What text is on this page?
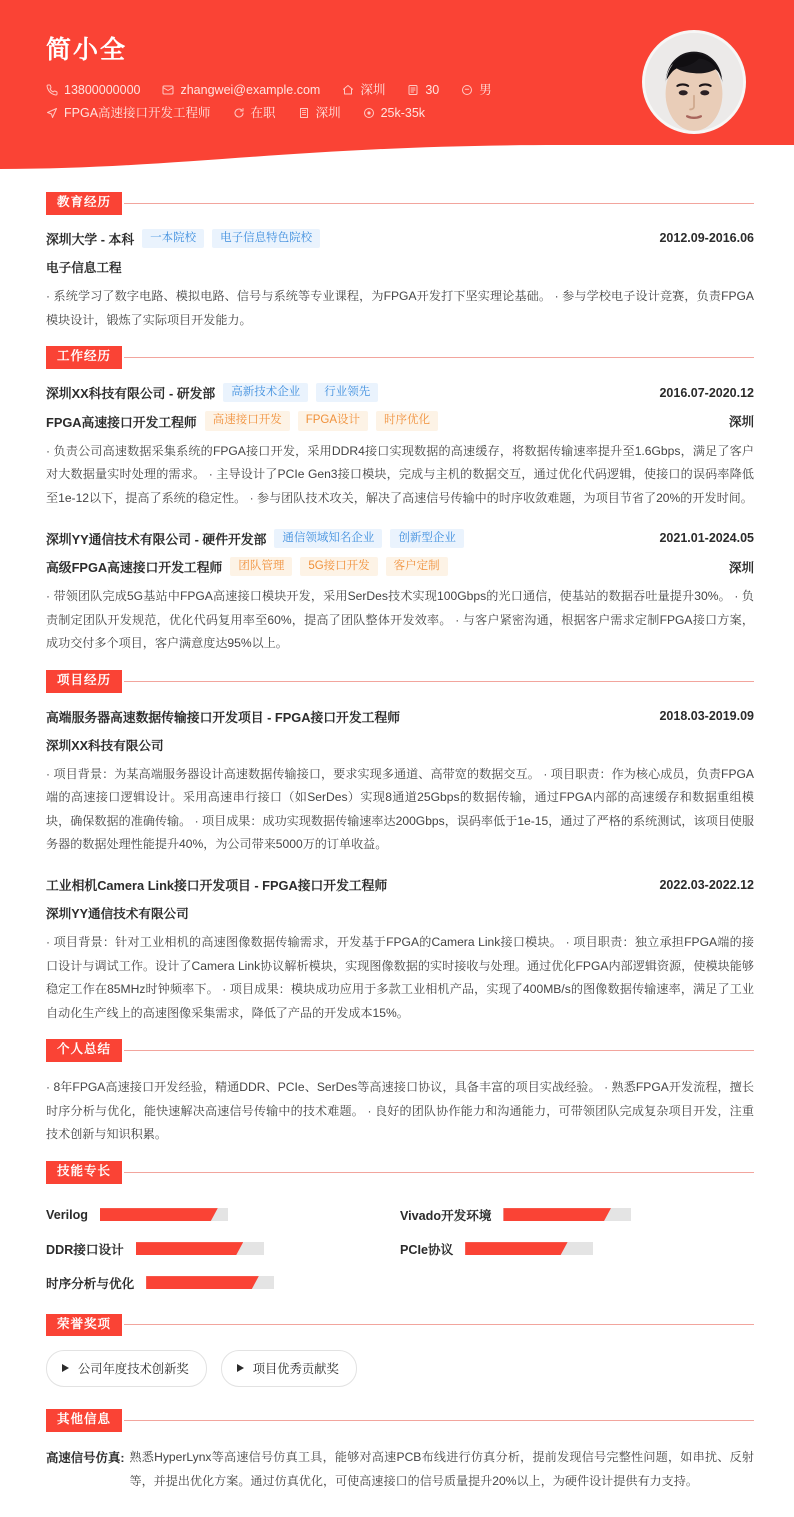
简小全
13800000000	zhangwei@example.com	深圳	30	男
FPGA高速接口开发工程师	在职	深圳	25k-35k
教育经历
深圳大学 - 本科	一本院校	电子信息特色院校	2012.09-2016.06
电子信息工程
· 系统学习了数字电路、模拟电路、信号与系统等专业课程，为FPGA开发打下坚实理论基础。 · 参与学校电子设计竞赛，负责FPGA模块设计，锻炼了实际项目开发能力。
工作经历
深圳XX科技有限公司 - 研发部	高新技术企业	行业领先	2016.07-2020.12
FPGA高速接口开发工程师	高速接口开发	FPGA设计	时序优化	深圳
· 负责公司高速数据采集系统的FPGA接口开发，采用DDR4接口实现数据的高速缓存，将数据传输速率提升至1.6Gbps，满足了客户对大数据量实时处理的需求。 · 主导设计了PCIe Gen3接口模块，完成与主机的数据交互，通过优化代码逻辑，使接口的误码率降低至1e-12以下，提高了系统的稳定性。 · 参与团队技术攻关，解决了高速信号传输中的时序收敛难题，为项目节省了20%的开发时间。
深圳YY通信技术有限公司 - 硬件开发部	通信领域知名企业	创新型企业	2021.01-2024.05
高级FPGA高速接口开发工程师	团队管理	5G接口开发	客户定制	深圳
· 带领团队完成5G基站中FPGA高速接口模块开发，采用SerDes技术实现100Gbps的光口通信，使基站的数据吞吐量提升30%。 · 负责制定团队开发规范，优化代码复用率至60%，提高了团队整体开发效率。 · 与客户紧密沟通，根据客户需求定制FPGA接口方案，成功交付多个项目，客户满意度达95%以上。
项目经历
高端服务器高速数据传输接口开发项目 - FPGA接口开发工程师	2018.03-2019.09
深圳XX科技有限公司
· 项目背景：为某高端服务器设计高速数据传输接口，要求实现多通道、高带宽的数据交互。 · 项目职责：作为核心成员，负责FPGA端的高速接口逻辑设计。采用高速串行接口（如SerDes）实现8通道25Gbps的数据传输，通过FPGA内部的高速缓存和数据重组模块，确保数据的准确传输。 · 项目成果：成功实现数据传输速率达200Gbps，误码率低于1e-15，通过了严格的系统测试，该项目使服务器的数据处理性能提升40%，为公司带来5000万的订单收益。
工业相机Camera Link接口开发项目 - FPGA接口开发工程师	2022.03-2022.12
深圳YY通信技术有限公司
· 项目背景：针对工业相机的高速图像数据传输需求，开发基于FPGA的Camera Link接口模块。 · 项目职责：独立承担FPGA端的接口设计与调试工作。设计了Camera Link协议解析模块，实现图像数据的实时接收与处理。通过优化FPGA内部逻辑资源，使模块能够稳定工作在85MHz时钟频率下。 · 项目成果：模块成功应用于多款工业相机产品，实现了400MB/s的图像数据传输速率，满足了工业自动化生产线上的高速图像采集需求，降低了产品的开发成本15%。
个人总结
· 8年FPGA高速接口开发经验，精通DDR、PCIe、SerDes等高速接口协议，具备丰富的项目实战经验。 · 熟悉FPGA开发流程，擅长时序分析与优化，能快速解决高速信号传输中的技术难题。 · 良好的团队协作能力和沟通能力，可带领团队完成复杂项目开发，注重技术创新与知识积累。
技能专长
Verilog
DDR接口设计
时序分析与优化
Vivado开发环境
PCIe协议
荣誉奖项
公司年度技术创新奖	项目优秀贡献奖
其他信息
高速信号仿真: 熟悉HyperLynx等高速信号仿真工具，能够对高速PCB布线进行仿真分析，提前发现信号完整性问题，如串扰、反射等，并提出优化方案。通过仿真优化，可使高速接口的信号质量提升20%以上，为硬件设计提供有力支持。
